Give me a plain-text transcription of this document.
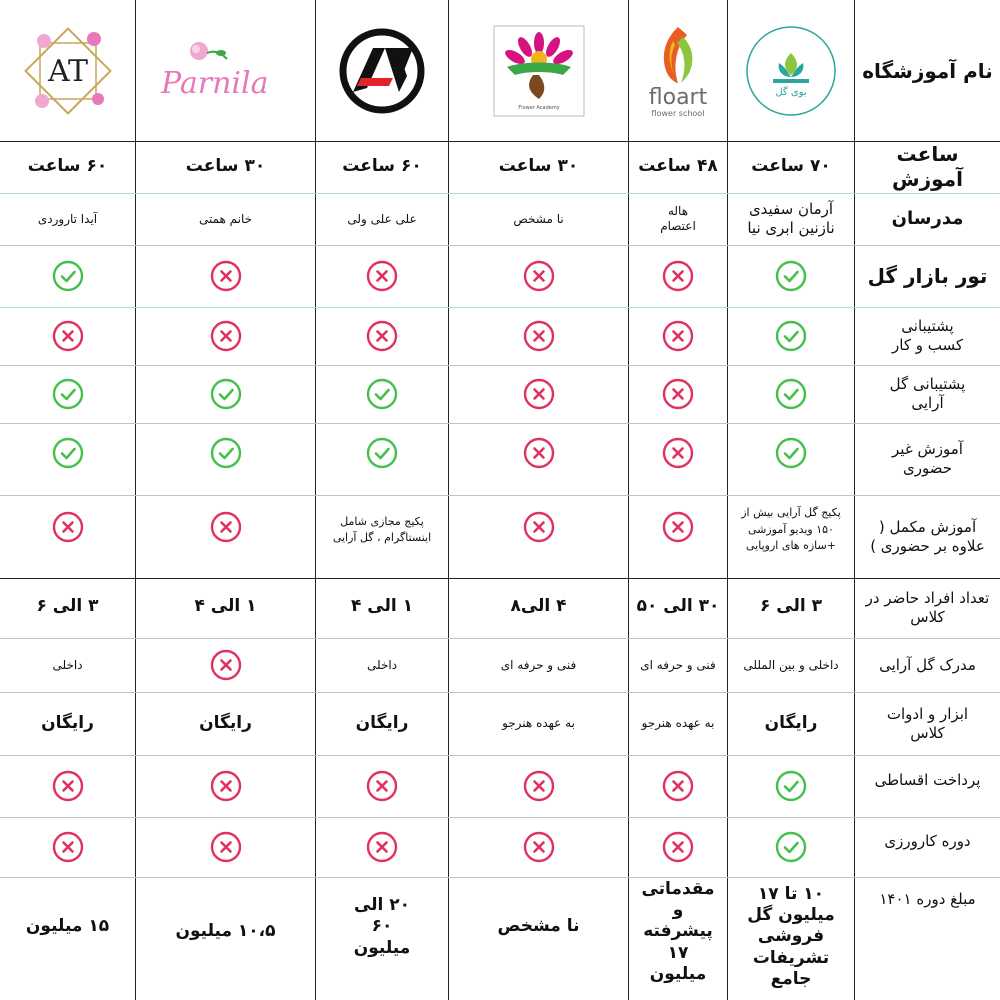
نام آموزشگاه
بوی گل
floart
flower school
Flower Academy
Parnila
AT
ساعت آموزش
۷۰ ساعت
۴۸ ساعت
۳۰ ساعت
۶۰ ساعت
۳۰ ساعت
۶۰ ساعت
مدرسان
آرمان سفیدی نازنین ابری نیا
هاله اعتصام
نا مشخص
علی علی ولی
خانم همتی
آیدا تاروردی
تور بازار گل
پشتیبانی کسب و کار
پشتیبانی گل آرایی
آموزش غیر حضوری
آموزش مکمل ( علاوه بر حضوری )
پکیج گل آرایی بیش از ۱۵۰ ویدیو آموزشی +سازه های اروپایی
پکیج مجازی شامل اینستاگرام ، گل آرایی
تعداد افراد حاضر در کلاس
۳ الی ۶
۳۰ الی ۵۰
۴ الی۸
۱ الی ۴
۱ الی ۴
۳ الی ۶
مدرک گل آرایی
داخلی و بین المللی
فنی و حرفه ای
فنی و حرفه ای
داخلی
داخلی
ابزار و ادوات کلاس
رایگان
به عهده هنرجو
به عهده هنرجو
رایگان
رایگان
رایگان
پرداخت اقساطی
دوره کارورزی
مبلغ دوره ۱۴۰۱
۱۰ تا ۱۷ میلیون گل فروشی تشریفات جامع
مقدماتی و پیشرفته ۱۷ میلیون
نا مشخص
۲۰ الی ۶۰ میلیون
۱۰،۵ میلیون
۱۵ میلیون
